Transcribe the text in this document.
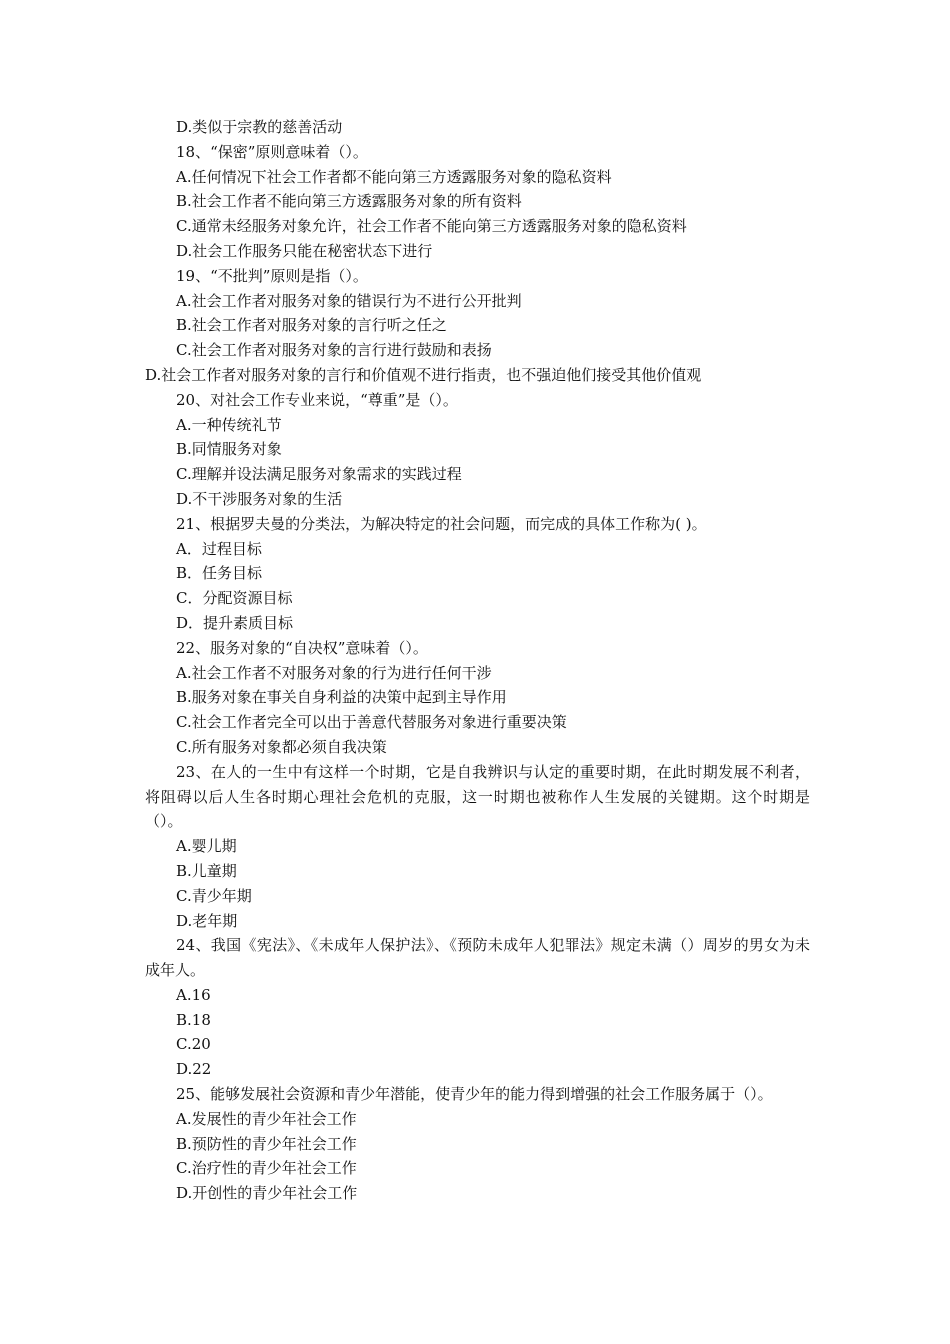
D.类似于宗教的慈善活动
18、“保密”原则意味着（）。
A.任何情况下社会工作者都不能向第三方透露服务对象的隐私资料
B.社会工作者不能向第三方透露服务对象的所有资料
C.通常未经服务对象允许，社会工作者不能向第三方透露服务对象的隐私资料
D.社会工作服务只能在秘密状态下进行
19、“不批判”原则是指（）。
A.社会工作者对服务对象的错误行为不进行公开批判
B.社会工作者对服务对象的言行听之任之
C.社会工作者对服务对象的言行进行鼓励和表扬
D.社会工作者对服务对象的言行和价值观不进行指责，也不强迫他们接受其他价值观
20、对社会工作专业来说，“尊重”是（）。
A.一种传统礼节
B.同情服务对象
C.理解并设法满足服务对象需求的实践过程
D.不干涉服务对象的生活
21、根据罗夫曼的分类法，为解决特定的社会问题，而完成的具体工作称为( )。
A．过程目标
B．任务目标
C．分配资源目标
D．提升素质目标
22、服务对象的“自决权”意味着（）。
A.社会工作者不对服务对象的行为进行任何干涉
B.服务对象在事关自身利益的决策中起到主导作用
C.社会工作者完全可以出于善意代替服务对象进行重要决策
C.所有服务对象都必须自我决策
23、在人的一生中有这样一个时期，它是自我辨识与认定的重要时期，在此时期发展不利者，将阻碍以后人生各时期心理社会危机的克服，这一时期也被称作人生发展的关键期。这个时期是（）。
A.婴儿期
B.儿童期
C.青少年期
D.老年期
24、我国《宪法》、《未成年人保护法》、《预防未成年人犯罪法》规定未满（）周岁的男女为未成年人。
A.16
B.18
C.20
D.22
25、能够发展社会资源和青少年潜能，使青少年的能力得到增强的社会工作服务属于（）。
A.发展性的青少年社会工作
B.预防性的青少年社会工作
C.治疗性的青少年社会工作
D.开创性的青少年社会工作
